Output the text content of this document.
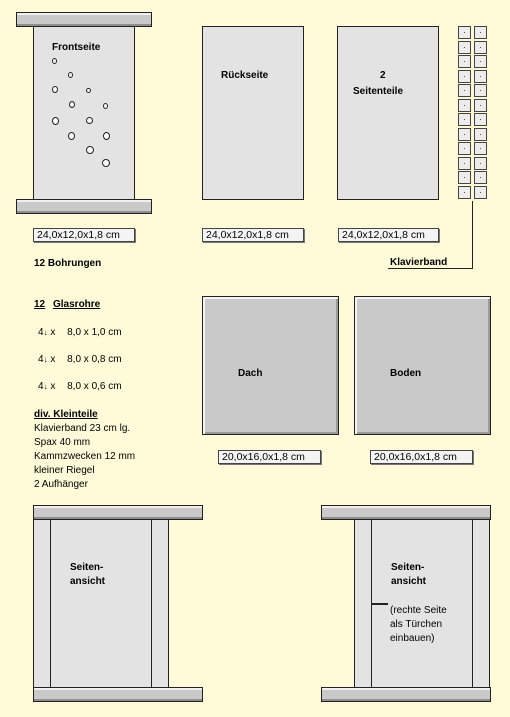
Frontseite
24,0x12,0x1,8 cm
12 Bohrungen
Rückseite
24,0x12,0x1,8 cm
2
Seitenteile
24,0x12,0x1,8 cm
.	.
.	.
.	.
.	.
.	.
.	.
.	.
.	.
.	.
.	.
.	.
.	.
Klavierband
12 Glasrohre
4↓ x 8,0 x 1,0 cm
4↓ x 8,0 x 0,8 cm
4↓ x 8,0 x 0,6 cm
div. Kleinteile
Klavierband 23 cm lg.
Spax 40 mm
Kammzwecken 12 mm
kleiner Riegel
2 Aufhänger
Dach
20,0x16,0x1,8 cm
Boden
20,0x16,0x1,8 cm
Seiten-
ansicht
Seiten-
ansicht
(rechte Seite
als Türchen
einbauen)
